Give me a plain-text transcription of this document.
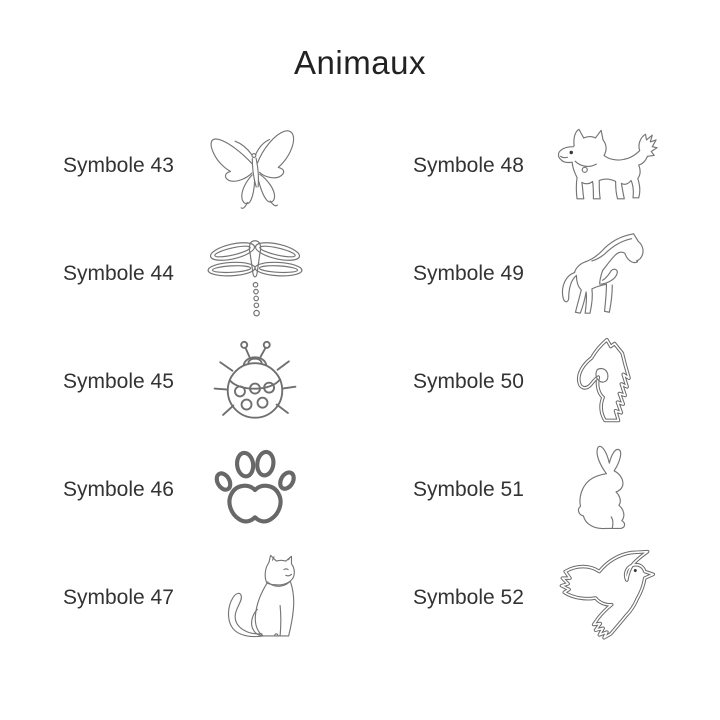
Animaux
Symbole 43
Symbole 44
Symbole 45
Symbole 46
Symbole 47
Symbole 48
Symbole 49
Symbole 50
Symbole 51
Symbole 52
